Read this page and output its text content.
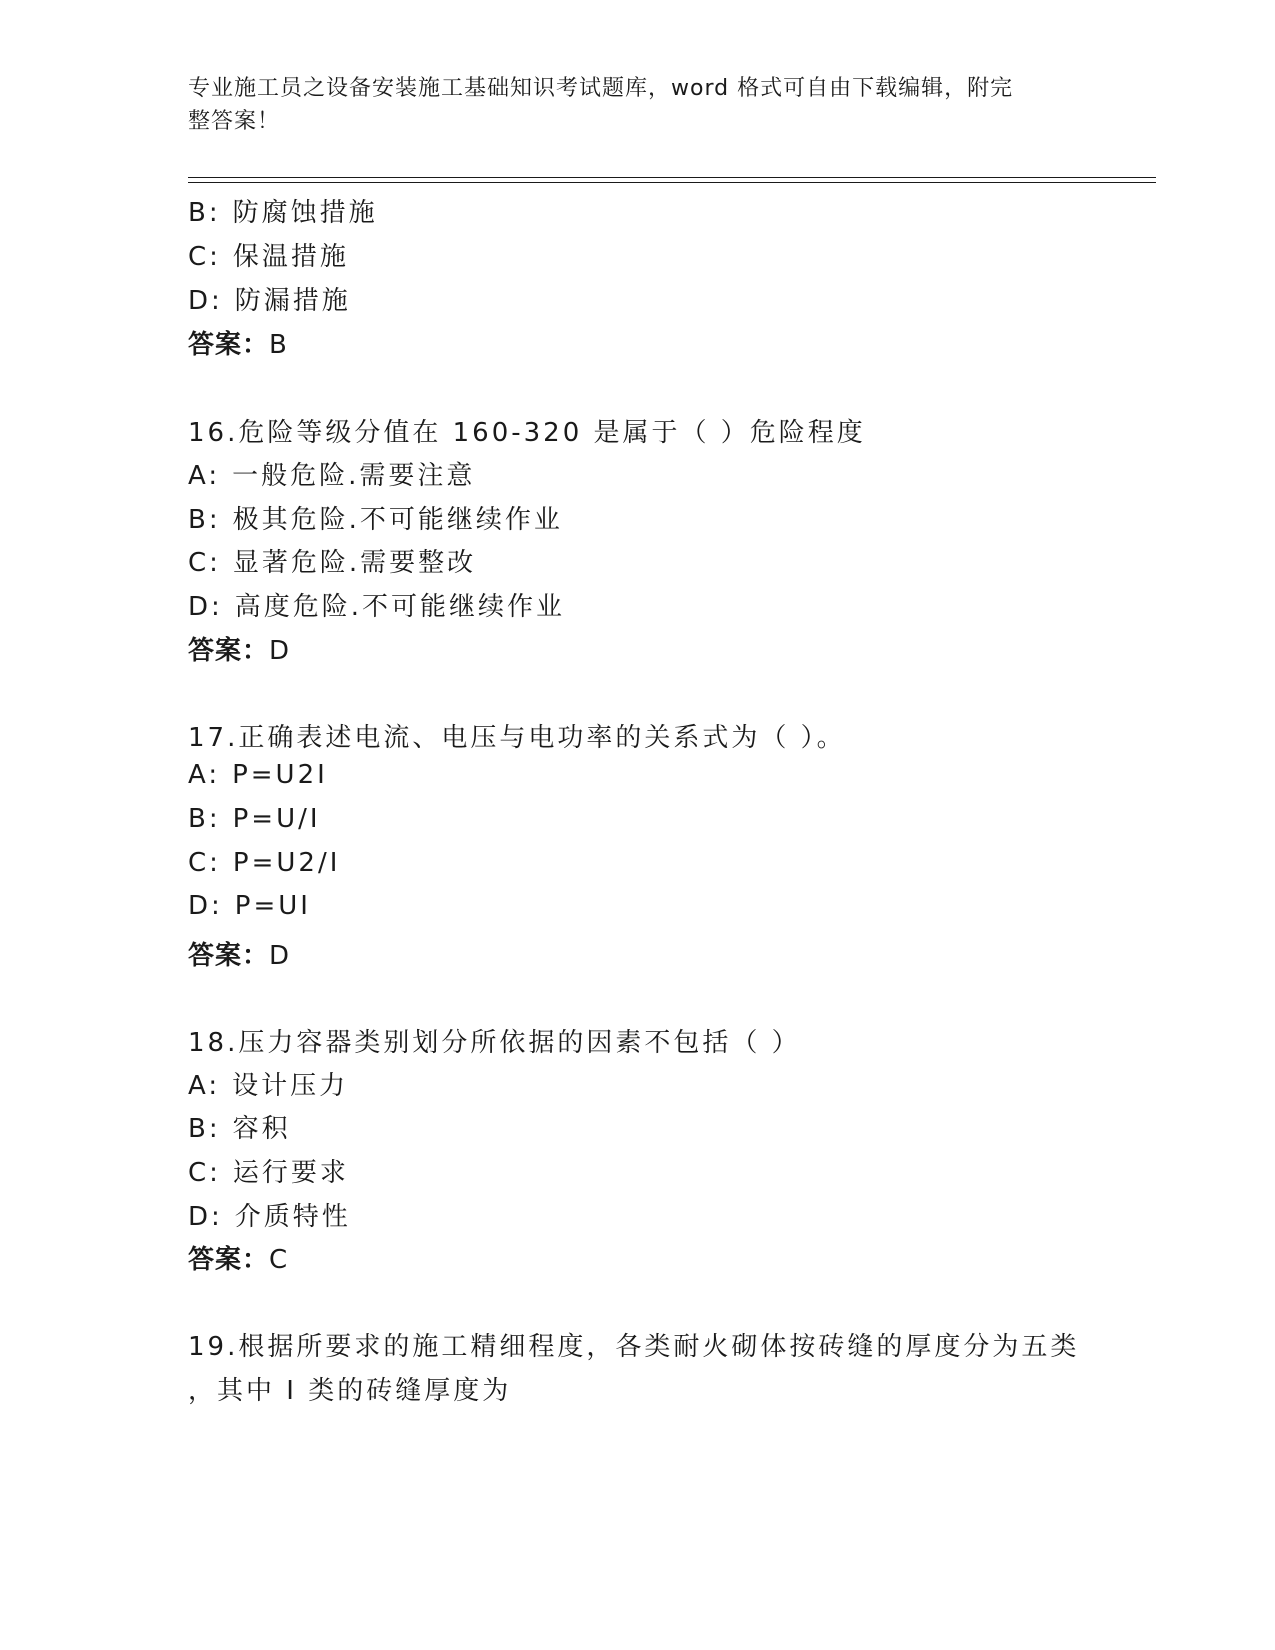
专业施工员之设备安装施工基础知识考试题库，word 格式可自由下载编辑，附完
整答案！
B: 防腐蚀措施
C: 保温措施
D: 防漏措施
答案：B
16.危险等级分值在 160-320 是属于（ ）危险程度
A: 一般危险.需要注意
B: 极其危险.不可能继续作业
C: 显著危险.需要整改
D: 高度危险.不可能继续作业
答案：D
17.正确表述电流、电压与电功率的关系式为（ ）。
A: P=U2I
B: P=U/I
C: P=U2/I
D: P=UI
答案：D
18.压力容器类别划分所依据的因素不包括（ ）
A: 设计压力
B: 容积
C: 运行要求
D: 介质特性
答案：C
19.根据所要求的施工精细程度，各类耐火砌体按砖缝的厚度分为五类
，其中 I 类的砖缝厚度为
